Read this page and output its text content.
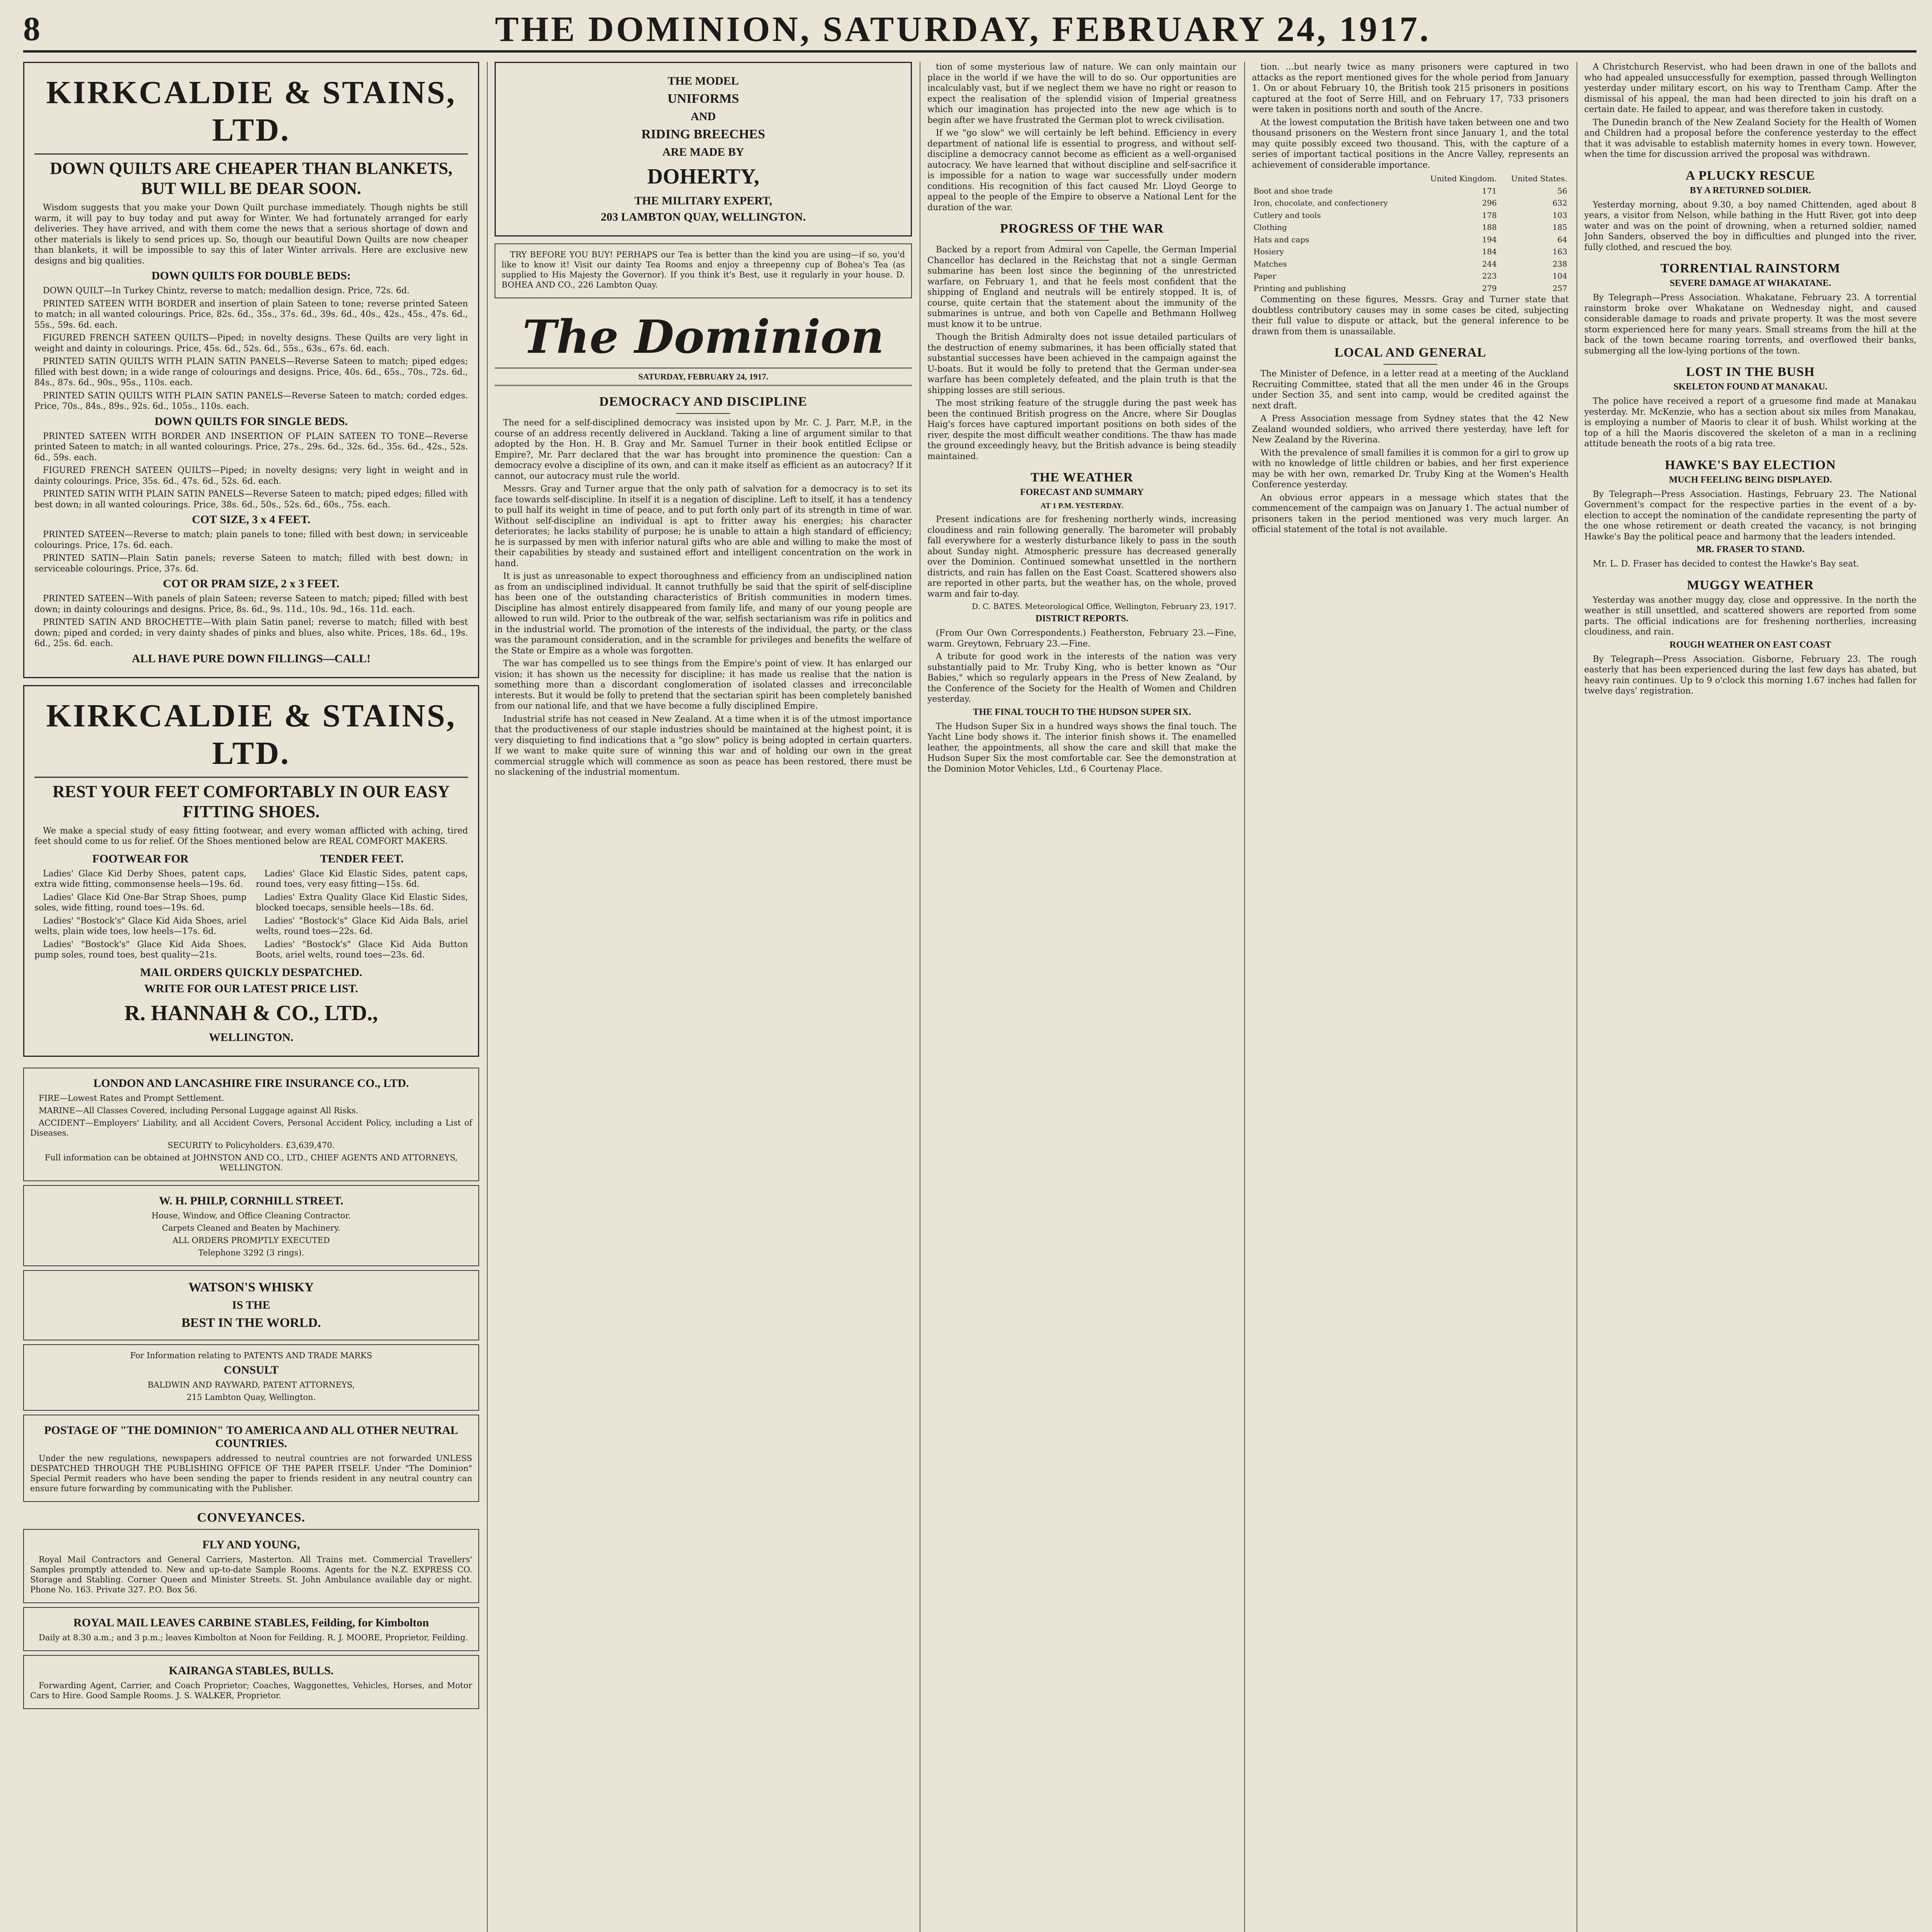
8	THE DOMINION, SATURDAY, FEBRUARY 24, 1917.
KIRKCALDIE & STAINS, LTD.
DOWN QUILTS ARE CHEAPER THAN BLANKETS, BUT WILL BE DEAR SOON.

Wisdom suggests that you make your Down Quilt purchase immediately. Though nights be still warm, it will pay to buy today and put away for Winter. We had fortunately arranged for early deliveries. They have arrived, and with them come the news that a serious shortage of down and other materials is likely to send prices up. So, though our beautiful Down Quilts are now cheaper than blankets, it will be impossible to say this of later Winter arrivals. Here are exclusive new designs and big qualities.

DOWN QUILTS FOR DOUBLE BEDS:

DOWN QUILT—In Turkey Chintz, reverse to match; medallion design. Price, 72s. 6d.

PRINTED SATEEN WITH BORDER and insertion of plain Sateen to tone; reverse printed Sateen to match; in all wanted colourings. Price, 82s. 6d., 35s., 37s. 6d., 39s. 6d., 40s., 42s., 45s., 47s. 6d., 55s., 59s. 6d. each.

FIGURED FRENCH SATEEN QUILTS—Piped; in novelty designs. These Quilts are very light in weight and dainty in colourings. Price, 45s. 6d., 52s. 6d., 55s., 63s., 67s. 6d. each.

PRINTED SATIN QUILTS WITH PLAIN SATIN PANELS—Reverse Sateen to match; piped edges; filled with best down; in a wide range of colourings and designs. Price, 40s. 6d., 65s., 70s., 72s. 6d., 84s., 87s. 6d., 90s., 95s., 110s. each.

PRINTED SATIN QUILTS WITH PLAIN SATIN PANELS—Reverse Sateen to match; corded edges. Price, 70s., 84s., 89s., 92s. 6d., 105s., 110s. each.

DOWN QUILTS FOR SINGLE BEDS.

PRINTED SATEEN WITH BORDER AND INSERTION OF PLAIN SATEEN TO TONE—Reverse printed Sateen to match; in all wanted colourings. Price, 27s., 29s. 6d., 32s. 6d., 35s. 6d., 42s., 52s. 6d., 59s. each.

FIGURED FRENCH SATEEN QUILTS—Piped; in novelty designs; very light in weight and in dainty colourings. Price, 35s. 6d., 47s. 6d., 52s. 6d. each.

PRINTED SATIN WITH PLAIN SATIN PANELS—Reverse Sateen to match; piped edges; filled with best down; in all wanted colourings. Price, 38s. 6d., 50s., 52s. 6d., 60s., 75s. each.

COT SIZE, 3 x 4 FEET.

PRINTED SATEEN—Reverse to match; plain panels to tone; filled with best down; in serviceable colourings. Price, 17s. 6d. each.

PRINTED SATIN—Plain Satin panels; reverse Sateen to match; filled with best down; in serviceable colourings. Price, 37s. 6d.

COT OR PRAM SIZE, 2 x 3 FEET.

PRINTED SATEEN—With panels of plain Sateen; reverse Sateen to match; piped; filled with best down; in dainty colourings and designs. Price, 8s. 6d., 9s. 11d., 10s. 9d., 16s. 11d. each.

PRINTED SATIN AND BROCHETTE—With plain Satin panel; reverse to match; filled with best down; piped and corded; in very dainty shades of pinks and blues, also white. Prices, 18s. 6d., 19s. 6d., 25s. 6d. each.

ALL HAVE PURE DOWN FILLINGS—CALL!
KIRKCALDIE & STAINS, LTD.
REST YOUR FEET COMFORTABLY IN OUR EASY FITTING SHOES.

We make a special study of easy fitting footwear, and every woman afflicted with aching, tired feet should come to us for relief. Of the Shoes mentioned below are REAL COMFORT MAKERS.

FOOTWEAR FOR

Ladies' Glace Kid Derby Shoes, patent caps, extra wide fitting, commonsense heels—19s. 6d.

Ladies' Glace Kid One-Bar Strap Shoes, pump soles, wide fitting, round toes—19s. 6d.

Ladies' "Bostock's" Glace Kid Aida Shoes, ariel welts, plain wide toes, low heels—17s. 6d.

Ladies' "Bostock's" Glace Kid Aida Shoes, pump soles, round toes, best quality—21s.

TENDER FEET.

Ladies' Glace Kid Elastic Sides, patent caps, round toes, very easy fitting—15s. 6d.

Ladies' Extra Quality Glace Kid Elastic Sides, blocked toecaps, sensible heels—18s. 6d.

Ladies' "Bostock's" Glace Kid Aida Bals, ariel welts, round toes—22s. 6d.

Ladies' "Bostock's" Glace Kid Aida Button Boots, ariel welts, round toes—23s. 6d.

MAIL ORDERS QUICKLY DESPATCHED.
WRITE FOR OUR LATEST PRICE LIST.
R. HANNAH & CO., LTD.,
WELLINGTON.
LONDON AND LANCASHIRE FIRE INSURANCE CO., LTD.

FIRE—Lowest Rates and Prompt Settlement.

MARINE—All Classes Covered, including Personal Luggage against All Risks.

ACCIDENT—Employers' Liability, and all Accident Covers, Personal Accident Policy, including a List of Diseases.

SECURITY to Policyholders. £3,639,470.

Full information can be obtained at JOHNSTON AND CO., LTD., CHIEF AGENTS AND ATTORNEYS, WELLINGTON.

W. H. PHILP, CORNHILL STREET.

House, Window, and Office Cleaning Contractor.

Carpets Cleaned and Beaten by Machinery.

ALL ORDERS PROMPTLY EXECUTED

Telephone 3292 (3 rings).

WATSON'S WHISKY
IS THE
BEST IN THE WORLD.

For Information relating to PATENTS AND TRADE MARKS

CONSULT

BALDWIN AND RAYWARD, PATENT ATTORNEYS,

215 Lambton Quay, Wellington.

POSTAGE OF "THE DOMINION" TO AMERICA AND ALL OTHER NEUTRAL COUNTRIES.

Under the new regulations, newspapers addressed to neutral countries are not forwarded UNLESS DESPATCHED THROUGH THE PUBLISHING OFFICE OF THE PAPER ITSELF. Under "The Dominion" Special Permit readers who have been sending the paper to friends resident in any neutral country can ensure future forwarding by communicating with the Publisher.

CONVEYANCES.
FLY AND YOUNG,

Royal Mail Contractors and General Carriers, Masterton. All Trains met. Commercial Travellers' Samples promptly attended to. New and up-to-date Sample Rooms. Agents for the N.Z. EXPRESS CO. Storage and Stabling. Corner Queen and Minister Streets. St. John Ambulance available day or night. Phone No. 163. Private 327. P.O. Box 56.

ROYAL MAIL LEAVES CARBINE STABLES, Feilding, for Kimbolton

Daily at 8.30 a.m.; and 3 p.m.; leaves Kimbolton at Noon for Feilding. R. J. MOORE, Proprietor, Feilding.

KAIRANGA STABLES, BULLS.

Forwarding Agent, Carrier, and Coach Proprietor; Coaches, Waggonettes, Vehicles, Horses, and Motor Cars to Hire. Good Sample Rooms. J. S. WALKER, Proprietor.

THE MODEL
UNIFORMS
AND
RIDING BREECHES
ARE MADE BY
DOHERTY,
THE MILITARY EXPERT,
203 LAMBTON QUAY, WELLINGTON.

TRY BEFORE YOU BUY! PERHAPS our Tea is better than the kind you are using—if so, you'd like to know it! Visit our dainty Tea Rooms and enjoy a threepenny cup of Bohea's Tea (as supplied to His Majesty the Governor). If you think it's Best, use it regularly in your house. D. BOHEA AND CO., 226 Lambton Quay.

The Dominion
SATURDAY, FEBRUARY 24, 1917.
DEMOCRACY AND DISCIPLINE

The need for a self-disciplined democracy was insisted upon by Mr. C. J. Parr, M.P., in the course of an address recently delivered in Auckland. Taking a line of argument similar to that adopted by the Hon. H. B. Gray and Mr. Samuel Turner in their book entitled Eclipse or Empire?, Mr. Parr declared that the war has brought into prominence the question: Can a democracy evolve a discipline of its own, and can it make itself as efficient as an autocracy? If it cannot, our autocracy must rule the world.

Messrs. Gray and Turner argue that the only path of salvation for a democracy is to set its face towards self-discipline. In itself it is a negation of discipline. Left to itself, it has a tendency to pull half its weight in time of peace, and to put forth only part of its strength in time of war. Without self-discipline an individual is apt to fritter away his energies; his character deteriorates; he lacks stability of purpose; he is unable to attain a high standard of efficiency; he is surpassed by men with inferior natural gifts who are able and willing to make the most of their capabilities by steady and sustained effort and intelligent concentration on the work in hand.

It is just as unreasonable to expect thoroughness and efficiency from an undisciplined nation as from an undisciplined individual. It cannot truthfully be said that the spirit of self-discipline has been one of the outstanding characteristics of British communities in modern times. Discipline has almost entirely disappeared from family life, and many of our young people are allowed to run wild. Prior to the outbreak of the war, selfish sectarianism was rife in politics and in the industrial world. The promotion of the interests of the individual, the party, or the class was the paramount consideration, and in the scramble for privileges and benefits the welfare of the State or Empire as a whole was forgotten.

The war has compelled us to see things from the Empire's point of view. It has enlarged our vision; it has shown us the necessity for discipline; it has made us realise that the nation is something more than a discordant conglomeration of isolated classes and irreconcilable interests. But it would be folly to pretend that the sectarian spirit has been completely banished from our national life, and that we have become a fully disciplined Empire.

Industrial strife has not ceased in New Zealand. At a time when it is of the utmost importance that the productiveness of our staple industries should be maintained at the highest point, it is very disquieting to find indications that a "go slow" policy is being adopted in certain quarters. If we want to make quite sure of winning this war and of holding our own in the great commercial struggle which will commence as soon as peace has been restored, there must be no slackening of the industrial momentum.

tion of some mysterious law of nature. We can only maintain our place in the world if we have the will to do so. Our opportunities are incalculably vast, but if we neglect them we have no right or reason to expect the realisation of the splendid vision of Imperial greatness which our imagination has projected into the new age which is to begin after we have frustrated the German plot to wreck civilisation.

If we "go slow" we will certainly be left behind. Efficiency in every department of national life is essential to progress, and without self-discipline a democracy cannot become as efficient as a well-organised autocracy. We have learned that without discipline and self-sacrifice it is impossible for a nation to wage war successfully under modern conditions. His recognition of this fact caused Mr. Lloyd George to appeal to the people of the Empire to observe a National Lent for the duration of the war.

PROGRESS OF THE WAR

Backed by a report from Admiral von Capelle, the German Imperial Chancellor has declared in the Reichstag that not a single German submarine has been lost since the beginning of the unrestricted warfare, on February 1, and that he feels most confident that the shipping of England and neutrals will be entirely stopped. It is, of course, quite certain that the statement about the immunity of the submarines is untrue, and both von Capelle and Bethmann Hollweg must know it to be untrue.

Though the British Admiralty does not issue detailed particulars of the destruction of enemy submarines, it has been officially stated that substantial successes have been achieved in the campaign against the U-boats. But it would be folly to pretend that the German under-sea warfare has been completely defeated, and the plain truth is that the shipping losses are still serious.

The most striking feature of the struggle during the past week has been the continued British progress on the Ancre, where Sir Douglas Haig's forces have captured important positions on both sides of the river, despite the most difficult weather conditions. The thaw has made the ground exceedingly heavy, but the British advance is being steadily maintained.

THE WEATHER
FORECAST AND SUMMARY
AT 1 P.M. YESTERDAY.

Present indications are for freshening northerly winds, increasing cloudiness and rain following generally. The barometer will probably fall everywhere for a westerly disturbance likely to pass in the south about Sunday night. Atmospheric pressure has decreased generally over the Dominion. Continued somewhat unsettled in the northern districts, and rain has fallen on the East Coast. Scattered showers also are reported in other parts, but the weather has, on the whole, proved warm and fair to-day.

D. C. BATES. Meteorological Office, Wellington, February 23, 1917.

DISTRICT REPORTS.

(From Our Own Correspondents.) Featherston, February 23.—Fine, warm. Greytown, February 23.—Fine.

A tribute for good work in the interests of the nation was very substantially paid to Mr. Truby King, who is better known as "Our Babies," which so regularly appears in the Press of New Zealand, by the Conference of the Society for the Health of Women and Children yesterday.

THE FINAL TOUCH TO THE HUDSON SUPER SIX.

The Hudson Super Six in a hundred ways shows the final touch. The Yacht Line body shows it. The interior finish shows it. The enamelled leather, the appointments, all show the care and skill that make the Hudson Super Six the most comfortable car. See the demonstration at the Dominion Motor Vehicles, Ltd., 6 Courtenay Place.

tion. ...but nearly twice as many prisoners were captured in two attacks as the report mentioned gives for the whole period from January 1. On or about February 10, the British took 215 prisoners in positions captured at the foot of Serre Hill, and on February 17, 733 prisoners were taken in positions north and south of the Ancre.

At the lowest computation the British have taken between one and two thousand prisoners on the Western front since January 1, and the total may quite possibly exceed two thousand. This, with the capture of a series of important tactical positions in the Ancre Valley, represents an achievement of considerable importance.

	United Kingdom.	United States.
Boot and shoe trade	171	56
Iron, chocolate, and confectionery	296	632
Cutlery and tools	178	103
Clothing	188	185
Hats and caps	194	64
Hosiery	184	163
Matches	244	238
Paper	223	104
Printing and publishing	279	257

Commenting on these figures, Messrs. Gray and Turner state that doubtless contributory causes may in some cases be cited, subjecting their full value to dispute or attack, but the general inference to be drawn from them is unassailable.

LOCAL AND GENERAL

The Minister of Defence, in a letter read at a meeting of the Auckland Recruiting Committee, stated that all the men under 46 in the Groups under Section 35, and sent into camp, would be credited against the next draft.

A Press Association message from Sydney states that the 42 New Zealand wounded soldiers, who arrived there yesterday, have left for New Zealand by the Riverina.

With the prevalence of small families it is common for a girl to grow up with no knowledge of little children or babies, and her first experience may be with her own, remarked Dr. Truby King at the Women's Health Conference yesterday.

An obvious error appears in a message which states that the commencement of the campaign was on January 1. The actual number of prisoners taken in the period mentioned was very much larger. An official statement of the total is not available.

A Christchurch Reservist, who had been drawn in one of the ballots and who had appealed unsuccessfully for exemption, passed through Wellington yesterday under military escort, on his way to Trentham Camp. After the dismissal of his appeal, the man had been directed to join his draft on a certain date. He failed to appear, and was therefore taken in custody.

The Dunedin branch of the New Zealand Society for the Health of Women and Children had a proposal before the conference yesterday to the effect that it was advisable to establish maternity homes in every town. However, when the time for discussion arrived the proposal was withdrawn.

A PLUCKY RESCUE
BY A RETURNED SOLDIER.

Yesterday morning, about 9.30, a boy named Chittenden, aged about 8 years, a visitor from Nelson, while bathing in the Hutt River, got into deep water and was on the point of drowning, when a returned soldier, named John Sanders, observed the boy in difficulties and plunged into the river, fully clothed, and rescued the boy.

TORRENTIAL RAINSTORM
SEVERE DAMAGE AT WHAKATANE.

By Telegraph—Press Association. Whakatane, February 23. A torrential rainstorm broke over Whakatane on Wednesday night, and caused considerable damage to roads and private property. It was the most severe storm experienced here for many years. Small streams from the hill at the back of the town became roaring torrents, and overflowed their banks, submerging all the low-lying portions of the town.

LOST IN THE BUSH
SKELETON FOUND AT MANAKAU.

The police have received a report of a gruesome find made at Manakau yesterday. Mr. McKenzie, who has a section about six miles from Manakau, is employing a number of Maoris to clear it of bush. Whilst working at the top of a hill the Maoris discovered the skeleton of a man in a reclining attitude beneath the roots of a big rata tree.

HAWKE'S BAY ELECTION
MUCH FEELING BEING DISPLAYED.

By Telegraph—Press Association. Hastings, February 23. The National Government's compact for the respective parties in the event of a by-election to accept the nomination of the candidate representing the party of the one whose retirement or death created the vacancy, is not bringing Hawke's Bay the political peace and harmony that the leaders intended.

MR. FRASER TO STAND.

Mr. L. D. Fraser has decided to contest the Hawke's Bay seat.

MUGGY WEATHER

Yesterday was another muggy day, close and oppressive. In the north the weather is still unsettled, and scattered showers are reported from some parts. The official indications are for freshening northerlies, increasing cloudiness, and rain.

ROUGH WEATHER ON EAST COAST

By Telegraph—Press Association. Gisborne, February 23. The rough easterly that has been experienced during the last few days has abated, but heavy rain continues. Up to 9 o'clock this morning 1.67 inches had fallen for twelve days' registration.
